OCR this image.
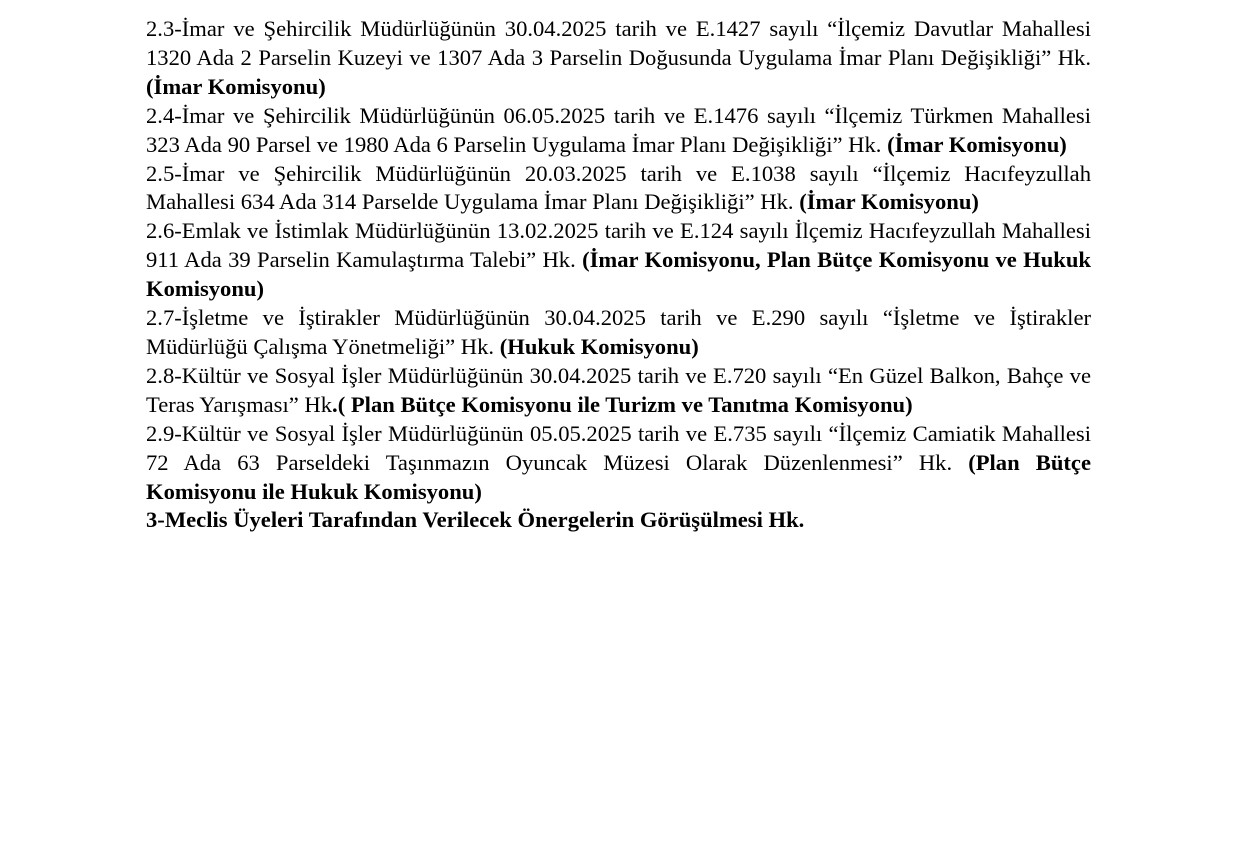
2.3-İmar ve Şehircilik Müdürlüğünün 30.04.2025 tarih ve E.1427 sayılı “İlçemiz Davutlar Mahallesi 1320 Ada 2 Parselin Kuzeyi ve 1307 Ada 3 Parselin Doğusunda Uygulama İmar Planı Değişikliği” Hk. (İmar Komisyonu)

2.4-İmar ve Şehircilik Müdürlüğünün 06.05.2025 tarih ve E.1476 sayılı “İlçemiz Türkmen Mahallesi 323 Ada 90 Parsel ve 1980 Ada 6 Parselin Uygulama İmar Planı Değişikliği” Hk. (İmar Komisyonu)

2.5-İmar ve Şehircilik Müdürlüğünün 20.03.2025 tarih ve E.1038 sayılı “İlçemiz Hacıfeyzullah Mahallesi 634 Ada 314 Parselde Uygulama İmar Planı Değişikliği” Hk. (İmar Komisyonu)

2.6-Emlak ve İstimlak Müdürlüğünün 13.02.2025 tarih ve E.124 sayılı İlçemiz Hacıfeyzullah Mahallesi 911 Ada 39 Parselin Kamulaştırma Talebi” Hk. (İmar Komisyonu, Plan Bütçe Komisyonu ve Hukuk Komisyonu)

2.7-İşletme ve İştirakler Müdürlüğünün 30.04.2025 tarih ve E.290 sayılı “İşletme ve İştirakler Müdürlüğü Çalışma Yönetmeliği” Hk. (Hukuk Komisyonu)

2.8-Kültür ve Sosyal İşler Müdürlüğünün 30.04.2025 tarih ve E.720 sayılı “En Güzel Balkon, Bahçe ve Teras Yarışması” Hk.( Plan Bütçe Komisyonu ile Turizm ve Tanıtma Komisyonu)

2.9-Kültür ve Sosyal İşler Müdürlüğünün 05.05.2025 tarih ve E.735 sayılı “İlçemiz Camiatik Mahallesi 72 Ada 63 Parseldeki Taşınmazın Oyuncak Müzesi Olarak Düzenlenmesi” Hk. (Plan Bütçe Komisyonu ile Hukuk Komisyonu)

3-Meclis Üyeleri Tarafından Verilecek Önergelerin Görüşülmesi Hk.
